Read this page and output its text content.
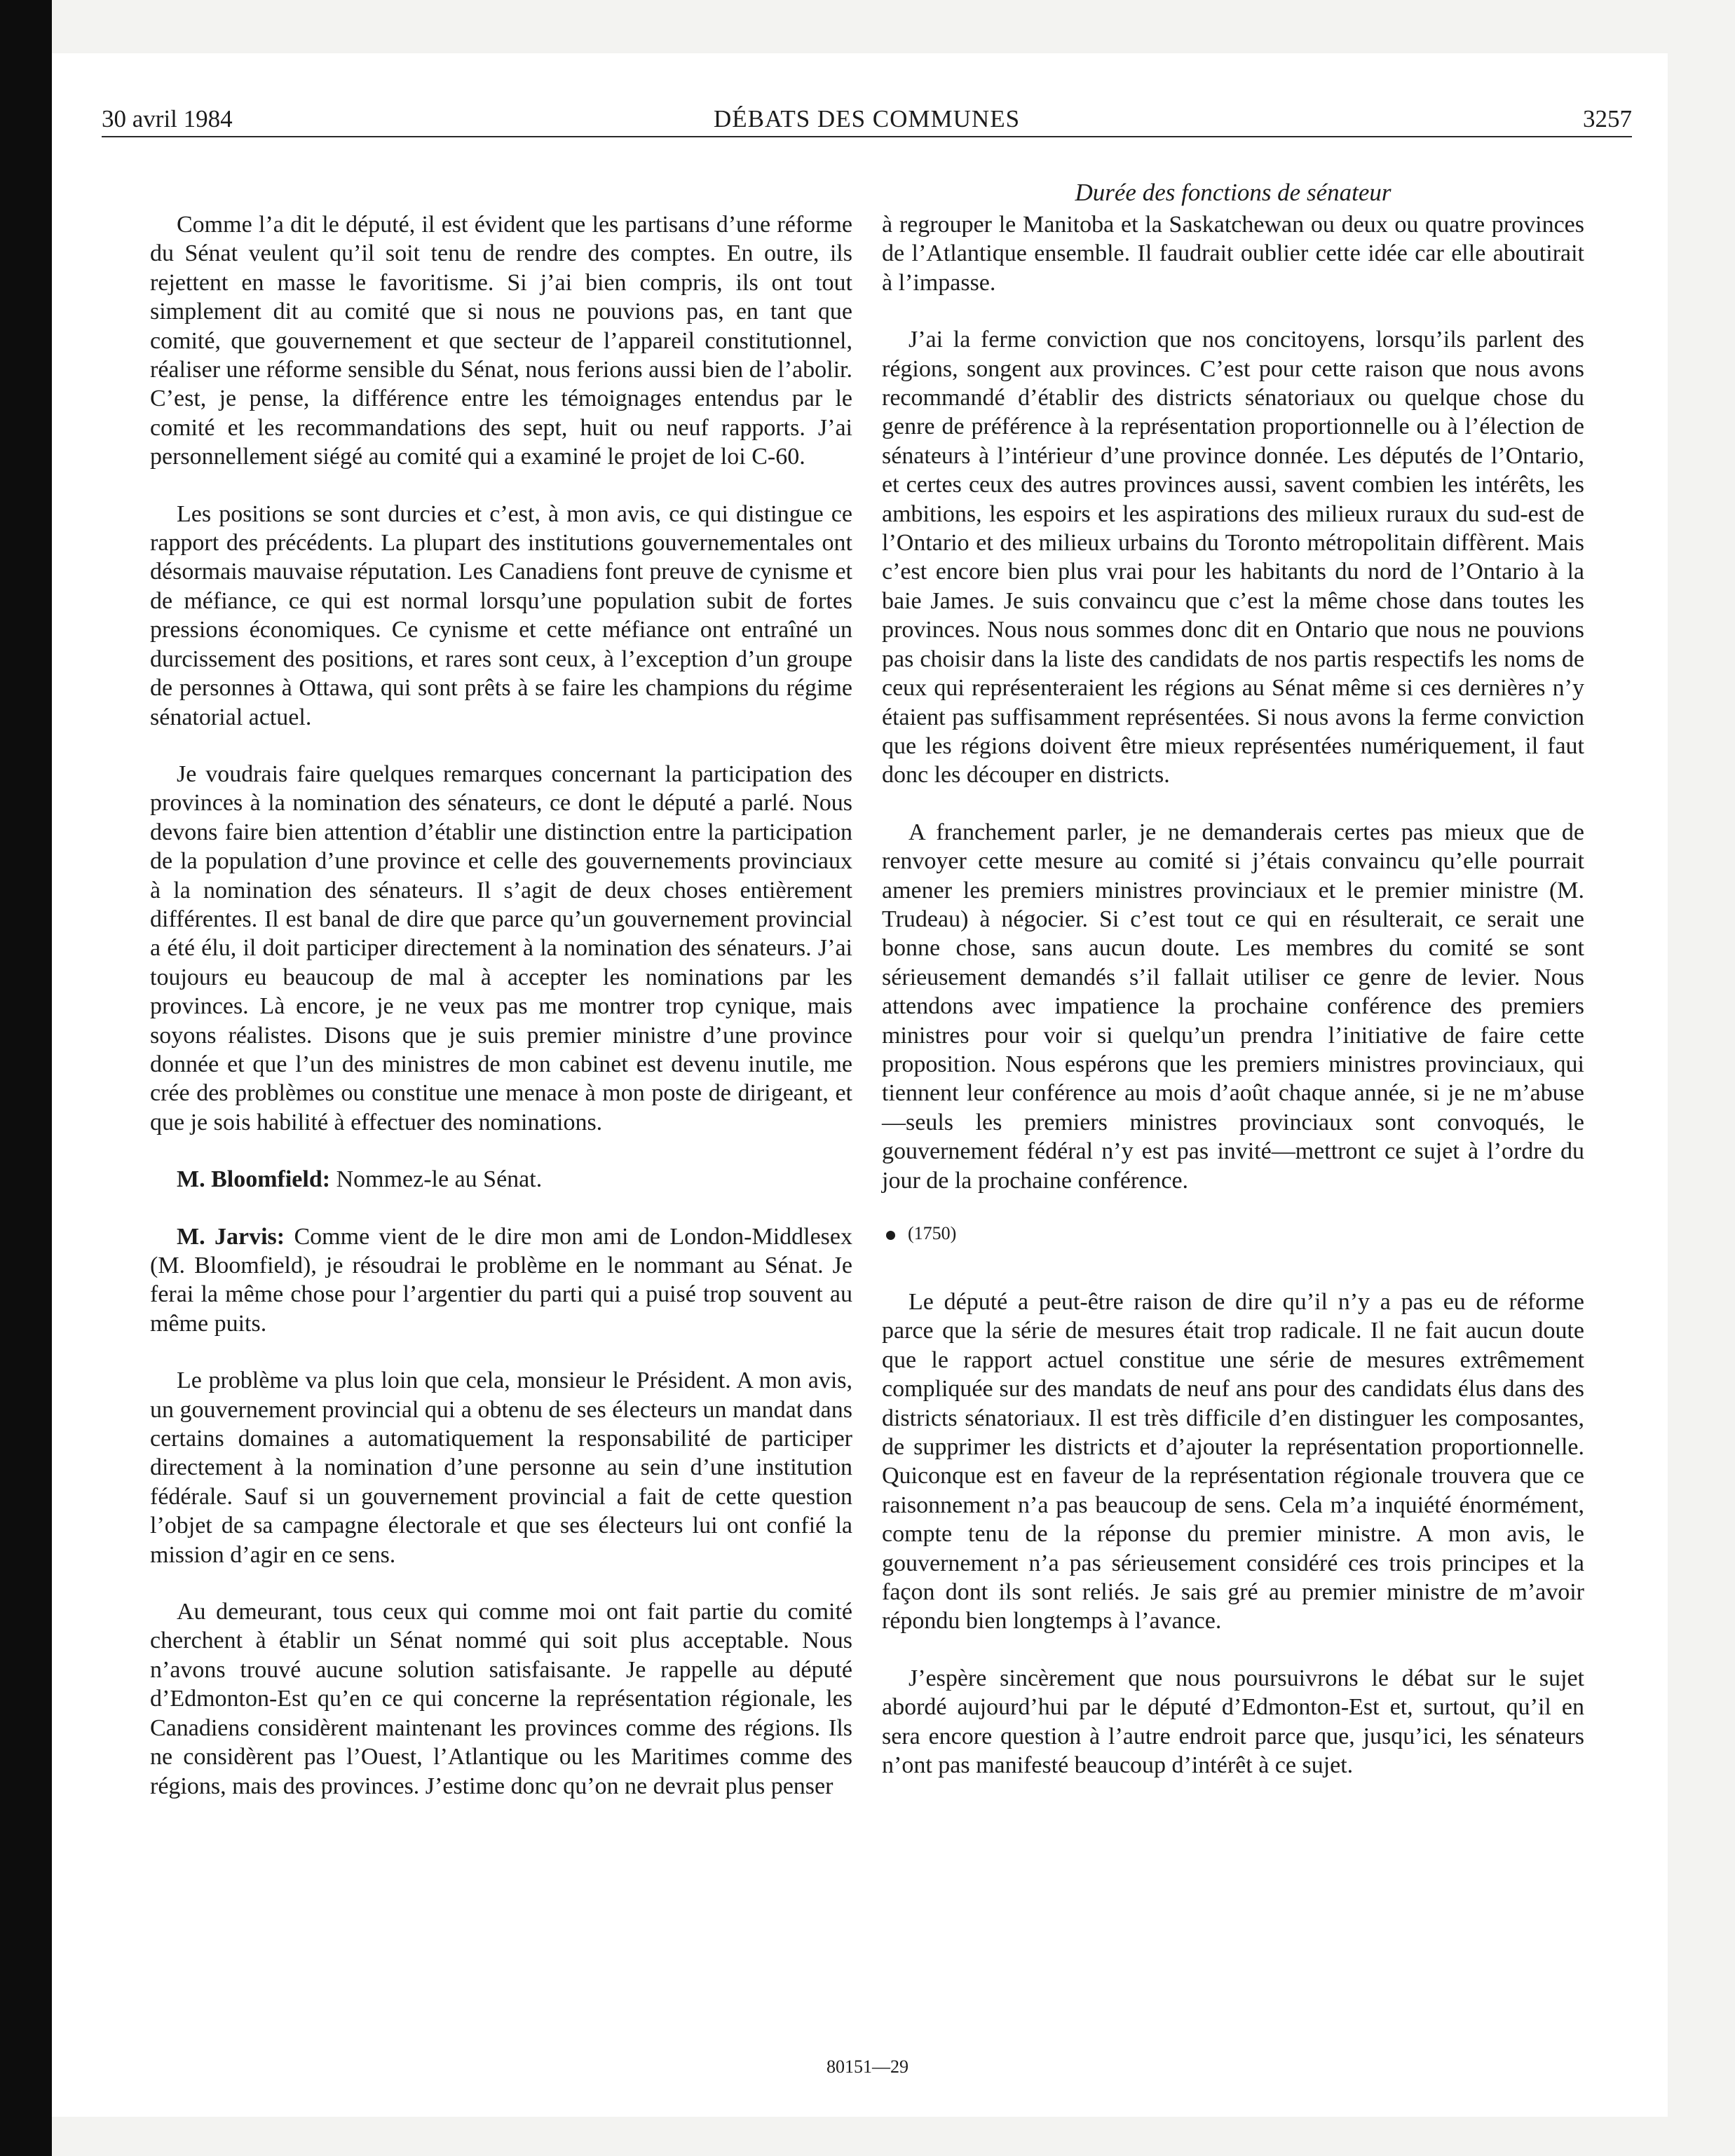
30 avril 1984	DÉBATS DES COMMUNES	3257
Durée des fonctions de sénateur

Comme l’a dit le député, il est évident que les partisans d’une réforme du Sénat veulent qu’il soit tenu de rendre des comptes. En outre, ils rejettent en masse le favoritisme. Si j’ai bien compris, ils ont tout simplement dit au comité que si nous ne pouvions pas, en tant que comité, que gouvernement et que secteur de l’appareil constitutionnel, réaliser une réforme sensible du Sénat, nous ferions aussi bien de l’abolir. C’est, je pense, la différence entre les témoignages entendus par le comité et les recommandations des sept, huit ou neuf rapports. J’ai personnellement siégé au comité qui a examiné le projet de loi C-60.

Les positions se sont durcies et c’est, à mon avis, ce qui distingue ce rapport des précédents. La plupart des institutions gouvernementales ont désormais mauvaise réputation. Les Canadiens font preuve de cynisme et de méfiance, ce qui est normal lorsqu’une population subit de fortes pressions économiques. Ce cynisme et cette méfiance ont entraîné un durcissement des positions, et rares sont ceux, à l’exception d’un groupe de personnes à Ottawa, qui sont prêts à se faire les champions du régime sénatorial actuel.

Je voudrais faire quelques remarques concernant la participation des provinces à la nomination des sénateurs, ce dont le député a parlé. Nous devons faire bien attention d’établir une distinction entre la participation de la population d’une province et celle des gouvernements provinciaux à la nomination des sénateurs. Il s’agit de deux choses entièrement différentes. Il est banal de dire que parce qu’un gouvernement provincial a été élu, il doit participer directement à la nomination des sénateurs. J’ai toujours eu beaucoup de mal à accepter les nominations par les provinces. Là encore, je ne veux pas me montrer trop cynique, mais soyons réalistes. Disons que je suis premier ministre d’une province donnée et que l’un des ministres de mon cabinet est devenu inutile, me crée des problèmes ou constitue une menace à mon poste de dirigeant, et que je sois habilité à effectuer des nominations.

M. Bloomfield: Nommez-le au Sénat.

M. Jarvis: Comme vient de le dire mon ami de London-Middlesex (M. Bloomfield), je résoudrai le problème en le nommant au Sénat. Je ferai la même chose pour l’argentier du parti qui a puisé trop souvent au même puits.

Le problème va plus loin que cela, monsieur le Président. A mon avis, un gouvernement provincial qui a obtenu de ses électeurs un mandat dans certains domaines a automatiquement la responsabilité de participer directement à la nomination d’une personne au sein d’une institution fédérale. Sauf si un gouvernement provincial a fait de cette question l’objet de sa campagne électorale et que ses électeurs lui ont confié la mission d’agir en ce sens.

Au demeurant, tous ceux qui comme moi ont fait partie du comité cherchent à établir un Sénat nommé qui soit plus acceptable. Nous n’avons trouvé aucune solution satisfaisante. Je rappelle au député d’Edmonton-Est qu’en ce qui concerne la représentation régionale, les Canadiens considèrent maintenant les provinces comme des régions. Ils ne considèrent pas l’Ouest, l’Atlantique ou les Maritimes comme des régions, mais des provinces. J’estime donc qu’on ne devrait plus penser

à regrouper le Manitoba et la Saskatchewan ou deux ou quatre provinces de l’Atlantique ensemble. Il faudrait oublier cette idée car elle aboutirait à l’impasse.

J’ai la ferme conviction que nos concitoyens, lorsqu’ils parlent des régions, songent aux provinces. C’est pour cette raison que nous avons recommandé d’établir des districts sénatoriaux ou quelque chose du genre de préférence à la représentation proportionnelle ou à l’élection de sénateurs à l’intérieur d’une province donnée. Les députés de l’Ontario, et certes ceux des autres provinces aussi, savent combien les intérêts, les ambitions, les espoirs et les aspirations des milieux ruraux du sud-est de l’Ontario et des milieux urbains du Toronto métropolitain diffèrent. Mais c’est encore bien plus vrai pour les habitants du nord de l’Ontario à la baie James. Je suis convaincu que c’est la même chose dans toutes les provinces. Nous nous sommes donc dit en Ontario que nous ne pouvions pas choisir dans la liste des candidats de nos partis respectifs les noms de ceux qui représenteraient les régions au Sénat même si ces dernières n’y étaient pas suffisamment représentées. Si nous avons la ferme conviction que les régions doivent être mieux représentées numériquement, il faut donc les découper en districts.

A franchement parler, je ne demanderais certes pas mieux que de renvoyer cette mesure au comité si j’étais convaincu qu’elle pourrait amener les premiers ministres provinciaux et le premier ministre (M. Trudeau) à négocier. Si c’est tout ce qui en résulterait, ce serait une bonne chose, sans aucun doute. Les membres du comité se sont sérieusement demandés s’il fallait utiliser ce genre de levier. Nous attendons avec impatience la prochaine conférence des premiers ministres pour voir si quelqu’un prendra l’initiative de faire cette proposition. Nous espérons que les premiers ministres provinciaux, qui tiennent leur conférence au mois d’août chaque année, si je ne m’abuse—seuls les premiers ministres provinciaux sont convoqués, le gouvernement fédéral n’y est pas invité—mettront ce sujet à l’ordre du jour de la prochaine conférence.

(1750)

Le député a peut-être raison de dire qu’il n’y a pas eu de réforme parce que la série de mesures était trop radicale. Il ne fait aucun doute que le rapport actuel constitue une série de mesures extrêmement compliquée sur des mandats de neuf ans pour des candidats élus dans des districts sénatoriaux. Il est très difficile d’en distinguer les composantes, de supprimer les districts et d’ajouter la représentation proportionnelle. Quiconque est en faveur de la représentation régionale trouvera que ce raisonnement n’a pas beaucoup de sens. Cela m’a inquiété énormément, compte tenu de la réponse du premier ministre. A mon avis, le gouvernement n’a pas sérieusement considéré ces trois principes et la façon dont ils sont reliés. Je sais gré au premier ministre de m’avoir répondu bien longtemps à l’avance.

J’espère sincèrement que nous poursuivrons le débat sur le sujet abordé aujourd’hui par le député d’Edmonton-Est et, surtout, qu’il en sera encore question à l’autre endroit parce que, jusqu’ici, les sénateurs n’ont pas manifesté beaucoup d’intérêt à ce sujet.

80151—29
